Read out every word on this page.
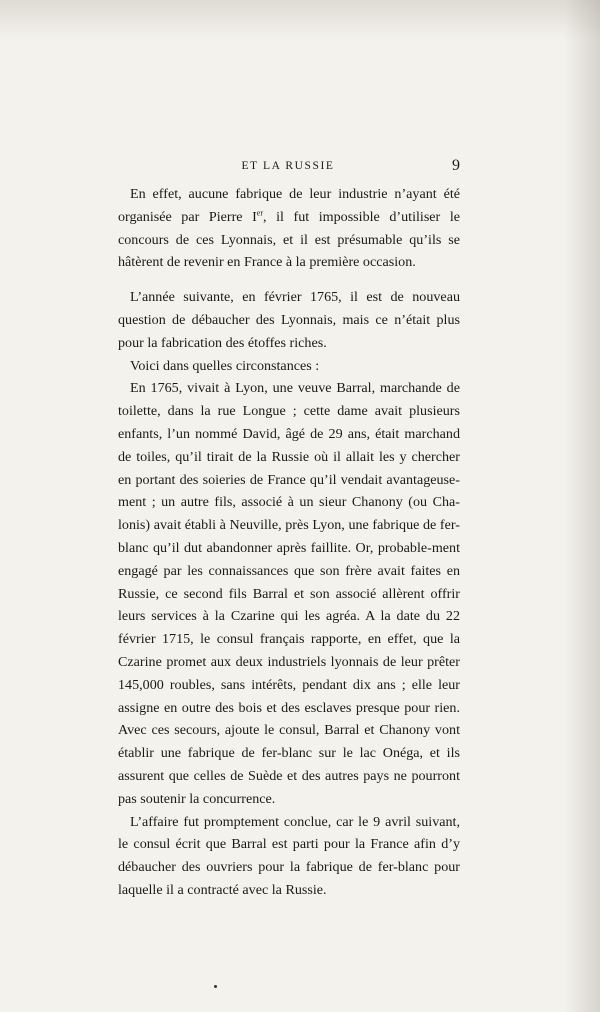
ET LA RUSSIE	9

En effet, aucune fabrique de leur industrie n’ayant été organisée par Pierre Ier, il fut impossible d’utiliser le concours de ces Lyonnais, et il est présumable qu’ils se hâtèrent de revenir en France à la première occasion.

L’année suivante, en février 1765, il est de nouveau question de débaucher des Lyonnais, mais ce n’était plus pour la fabrication des étoffes riches.

Voici dans quelles circonstances :

En 1765, vivait à Lyon, une veuve Barral, marchande de toilette, dans la rue Longue ; cette dame avait plusieurs enfants, l’un nommé David, âgé de 29 ans, était marchand de toiles, qu’il tirait de la Russie où il allait les y chercher en portant des soieries de France qu’il vendait avantageuse-ment ; un autre fils, associé à un sieur Chanony (ou Cha-lonis) avait établi à Neuville, près Lyon, une fabrique de fer-blanc qu’il dut abandonner après faillite. Or, probable-ment engagé par les connaissances que son frère avait faites en Russie, ce second fils Barral et son associé allèrent offrir leurs services à la Czarine qui les agréa. A la date du 22 février 1715, le consul français rapporte, en effet, que la Czarine promet aux deux industriels lyonnais de leur prêter 145,000 roubles, sans intérêts, pendant dix ans ; elle leur assigne en outre des bois et des esclaves presque pour rien. Avec ces secours, ajoute le consul, Barral et Chanony vont établir une fabrique de fer-blanc sur le lac Onéga, et ils assurent que celles de Suède et des autres pays ne pourront pas soutenir la concurrence.

L’affaire fut promptement conclue, car le 9 avril suivant, le consul écrit que Barral est parti pour la France afin d’y débaucher des ouvriers pour la fabrique de fer-blanc pour laquelle il a contracté avec la Russie.
